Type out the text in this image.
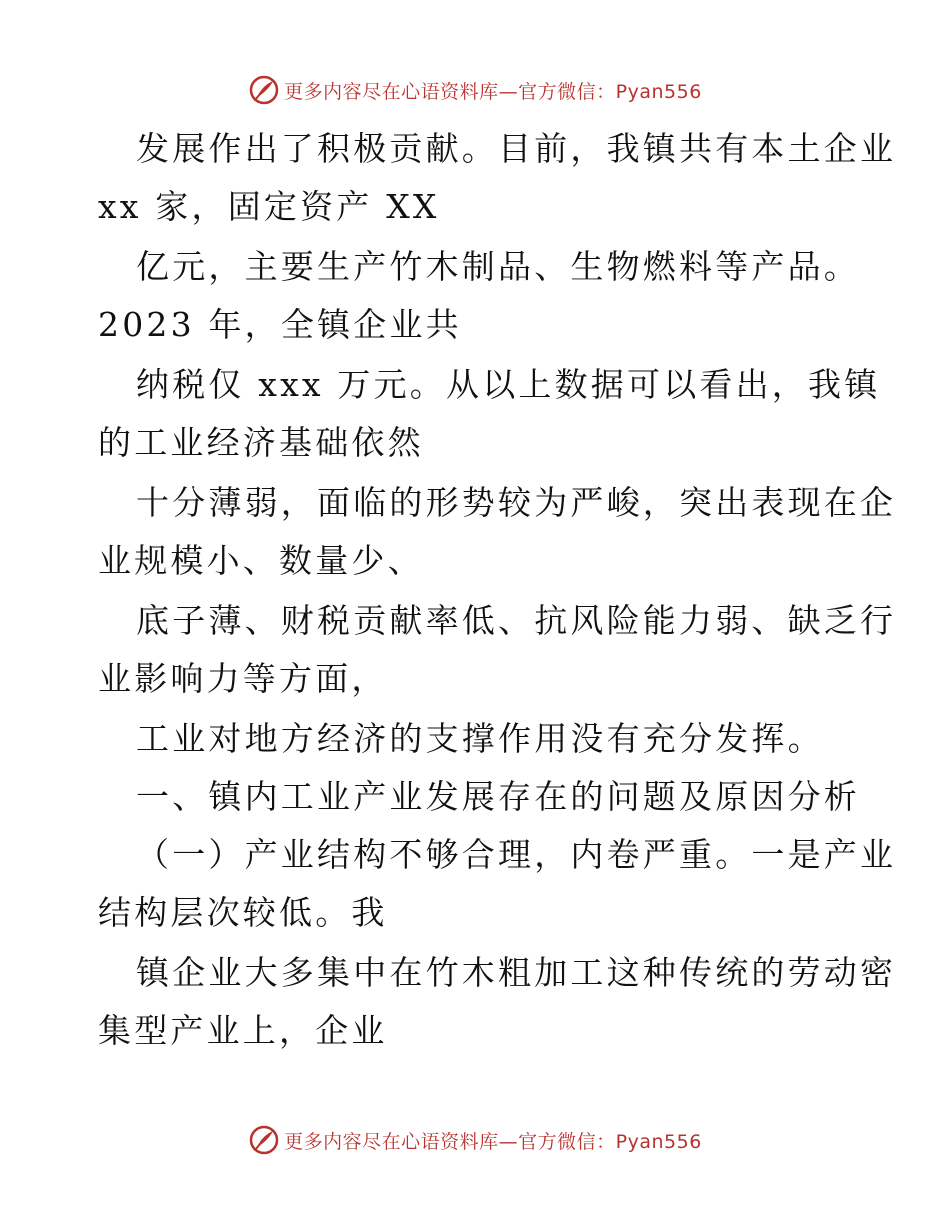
更多内容尽在心语资料库—官方微信：Pyan556
发展作出了积极贡献。目前，我镇共有本土企业
xx 家，固定资产 XX
亿元，主要生产竹木制品、生物燃料等产品。
2023 年，全镇企业共
纳税仅 xxx 万元。从以上数据可以看出，我镇
的工业经济基础依然
十分薄弱，面临的形势较为严峻，突出表现在企
业规模小、数量少、
底子薄、财税贡献率低、抗风险能力弱、缺乏行
业影响力等方面，
工业对地方经济的支撑作用没有充分发挥。
一、镇内工业产业发展存在的问题及原因分析
（一）产业结构不够合理，内卷严重。一是产业
结构层次较低。我
镇企业大多集中在竹木粗加工这种传统的劳动密
集型产业上，企业
更多内容尽在心语资料库—官方微信：Pyan556
